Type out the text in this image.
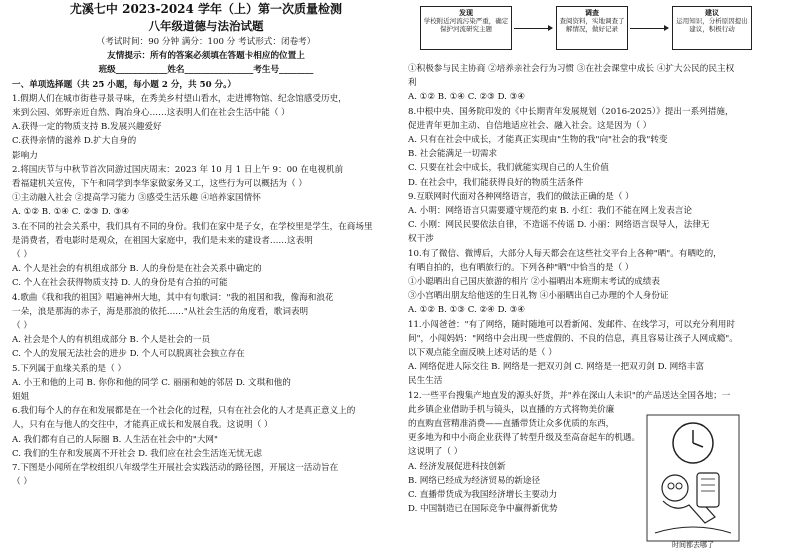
尤溪七中 2023-2024 学年（上）第一次质量检测
八年级道德与法治试题
（考试时间：90 分钟 满分：100 分 考试形式：闭卷考）
友情提示：所有的答案必须填在答题卡相应的位置上
班级____________姓名________________考生号________
一、单项选择题（共 25 小题，每小题 2 分，共 50 分。）
1.假期人们在城市街巷寻景寻味，在秀美乡村望山看水，走进博物馆、纪念馆感受历史，
来到公园、郊野亲近自然、陶冶身心……这表明人们在社会生活中能（ ）
A.获得一定的物质支持 B.发展兴趣爱好
C.获得亲情的滋养 D.扩大自身的
影响力
2.将国庆节与中秋节首次同游过国庆周末：2023 年 10 月 1 日上午 9：00 在电视机前
看福建机关宣传，下午和同学到李华家做家务又工，这些行为可以概括为（ ）
①主动融入社会 ②提高学习能力 ③感受生活乐趣 ④培养家国情怀
A. ①② B. ①④ C. ②③ D. ③④
3.在不同的社会关系中，我们具有不同的身份。我们在家中是子女，在学校里是学生，在商场里
是消费者，看电影时是观众，在祖国大家庭中，我们是未来的建设者……这表明
（ ）
A. 个人是社会的有机组成部分 B. 人的身份是在社会关系中确定的
C. 个人在社会获得物质支持 D. 人的身份是有合拍的可能
4.歌曲《我和我的祖国》唱遍神州大地，其中有句歌词："我的祖国和我，像海和浪花
一朵，浪是那海的赤子，海是那浪的依托……"从社会生活的角度看，歌词表明
（ ）
A. 社会是个人的有机组成部分 B. 个人是社会的一员
C. 个人的发展无法社会的进步 D. 个人可以脱离社会独立存在
5.下列属于血缘关系的是（ ）
A. 小王和他的上司 B. 你你和他的同学 C. 丽丽和她的邻居 D. 文琪和他的
姐姐
6.我们每个人的存在和发展都是在一个社会化的过程，只有在社会化的人才是真正意义上的
人，只有在与他人的交往中，才能真正成长和发展自我。这说明（ ）
A. 我们都有自己的人际圈 B. 人生活在社会中的"大网"
C. 我们的生存和发展离不开社会 D. 我们应在社会生活连无忧无虑
7.下图是小闻所在学校组织八年级学生开展社会实践活动的路径图，开展这一活动旨在
（ ）
发现
学校附近河流污染严重，确定保护河流研究主题
调查
查阅资料，实地调查了解情况，做好记录
建议
运用知识，分析原因提出建议，积极行动
①积极参与民主协商 ②培养亲社会行为习惯 ③在社会课堂中成长 ④扩大公民的民主权
利
A. ①② B. ①④ C. ②③ D. ③④
8.中根中央、国务院印发的《中长期青年发展规划（2016-2025）》提出一系列措施，
促进青年更加主动、自信地适应社会、融入社会。这是因为（ ）
A. 只有在社会中成长，才能真正实现由"生物的我"向"社会的我"转变
B. 社会能满足一切需求
C. 只要在社会中成长，我们就能实现自己的人生价值
D. 在社会中，我们能获得良好的物质生活条件
9.互联网时代面对各种网络语言，我们的做法正确的是（ ）
A. 小明：网络语言只需要遵守规范约束 B. 小红：我们不能在网上发表言论
C. 小刚：网民民要依法自律，不造谣不传谣 D. 小丽：网络语言误导人，法律无
权干涉
10.有了微信、微博后，大部分人每天都会在这些社交平台上各种"晒"。有晒吃的，
有晒自拍的，也有晒旅行的。下列各种"晒"中恰当的是（ ）
①小聪晒出自己国庆旅游的相片 ②小福晒出本班期末考试的成绩表
③小宫晒出朋友给他送的生日礼物 ④小丽晒出自己办理的个人身份证
A. ①② B. ①③ C. ②④ D. ③④
11.小闯爸爸："有了网络，随时随地可以看新闻、发邮件、在线学习，可以充分利用时
间"，小闯妈妈："网络中会出现一些虚假的、不良的信息，真且容易让孩子人网成瘾"。
以下观点能全面反映上述对话的是（ ）
A. 网络促进人际交往 B. 网络是一把双刃剑 C. 网络是一把双刃剑 D. 网络丰富
民生生活
12.一些平台搜集产地直发的源头好货，并"养在深山人未识"的产品送达全国各地；一
此乡镇企业借助手机与镜头，以直播的方式将物美价廉
的直购直营精准消费——直播带货让众多优质的东西，
更多地为和中小商企业获得了转型升级及至高奋起车的机遇。
这说明了（ ）
A. 经济发展促进科技创新
B. 网络已经成为经济贸易的新途径
C. 直播带货成为我国经济增长主要动力
D. 中国制造已在国际竞争中赢得新优势
时间都去哪了
